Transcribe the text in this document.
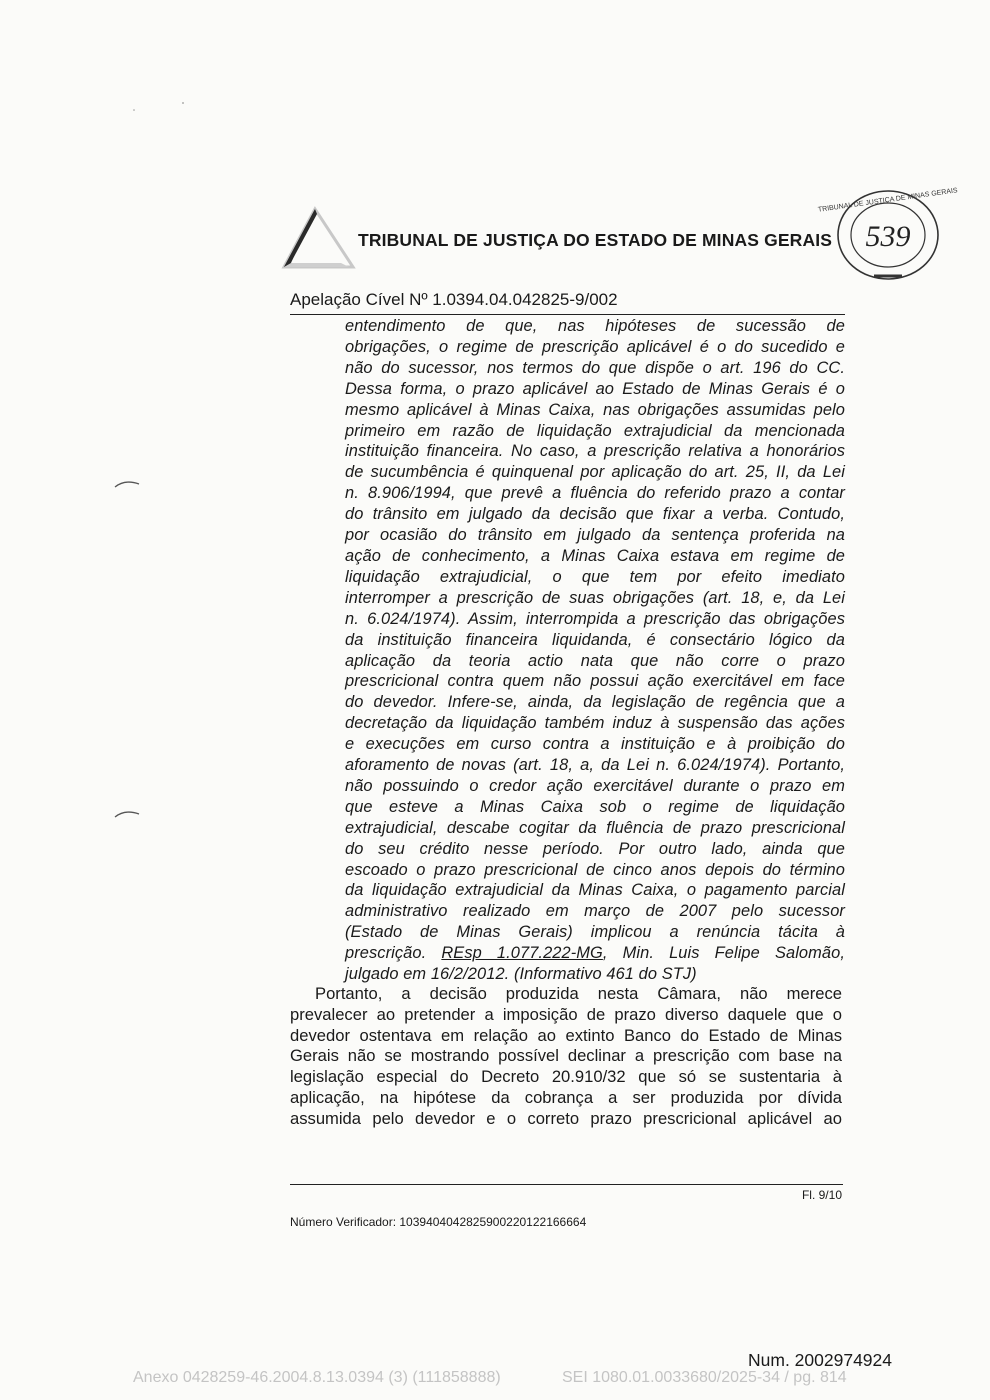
TRIBUNAL DE JUSTIÇA DO ESTADO DE MINAS GERAIS
TRIBUNAL DE JUSTIÇA DE MINAS GERAIS
539
Apelação Cível Nº 1.0394.04.042825-9/002
entendimento de que, nas hipóteses de sucessão de
obrigações, o regime de prescrição aplicável é o do sucedido e
não do sucessor, nos termos do que dispõe o art. 196 do CC.
Dessa forma, o prazo aplicável ao Estado de Minas Gerais é o
mesmo aplicável à Minas Caixa, nas obrigações assumidas pelo
primeiro em razão de liquidação extrajudicial da mencionada
instituição financeira. No caso, a prescrição relativa a honorários
de sucumbência é quinquenal por aplicação do art. 25, II, da Lei
n. 8.906/1994, que prevê a fluência do referido prazo a contar
do trânsito em julgado da decisão que fixar a verba. Contudo,
por ocasião do trânsito em julgado da sentença proferida na
ação de conhecimento, a Minas Caixa estava em regime de
liquidação extrajudicial, o que tem por efeito imediato
interromper a prescrição de suas obrigações (art. 18, e, da Lei
n. 6.024/1974). Assim, interrompida a prescrição das obrigações
da instituição financeira liquidanda, é consectário lógico da
aplicação da teoria actio nata que não corre o prazo
prescricional contra quem não possui ação exercitável em face
do devedor. Infere-se, ainda, da legislação de regência que a
decretação da liquidação também induz à suspensão das ações
e execuções em curso contra a instituição e à proibição do
aforamento de novas (art. 18, a, da Lei n. 6.024/1974). Portanto,
não possuindo o credor ação exercitável durante o prazo em
que esteve a Minas Caixa sob o regime de liquidação
extrajudicial, descabe cogitar da fluência de prazo prescricional
do seu crédito nesse período. Por outro lado, ainda que
escoado o prazo prescricional de cinco anos depois do término
da liquidação extrajudicial da Minas Caixa, o pagamento parcial
administrativo realizado em março de 2007 pelo sucessor
(Estado de Minas Gerais) implicou a renúncia tácita à
prescrição. REsp 1.077.222-MG, Min. Luis Felipe Salomão,
julgado em 16/2/2012. (Informativo 461 do STJ)
Portanto, a decisão produzida nesta Câmara, não merece
prevalecer ao pretender a imposição de prazo diverso daquele que o
devedor ostentava em relação ao extinto Banco do Estado de Minas
Gerais não se mostrando possível declinar a prescrição com base na
legislação especial do Decreto 20.910/32 que só se sustentaria à
aplicação, na hipótese da cobrança a ser produzida por dívida
assumida pelo devedor e o correto prazo prescricional aplicável ao
Fl. 9/10
Número Verificador: 1039404042825900220122166664
Num. 2002974924
Anexo 0428259-46.2004.8.13.0394 (3) (111858888)	SEI 1080.01.0033680/2025-34 / pg. 814
